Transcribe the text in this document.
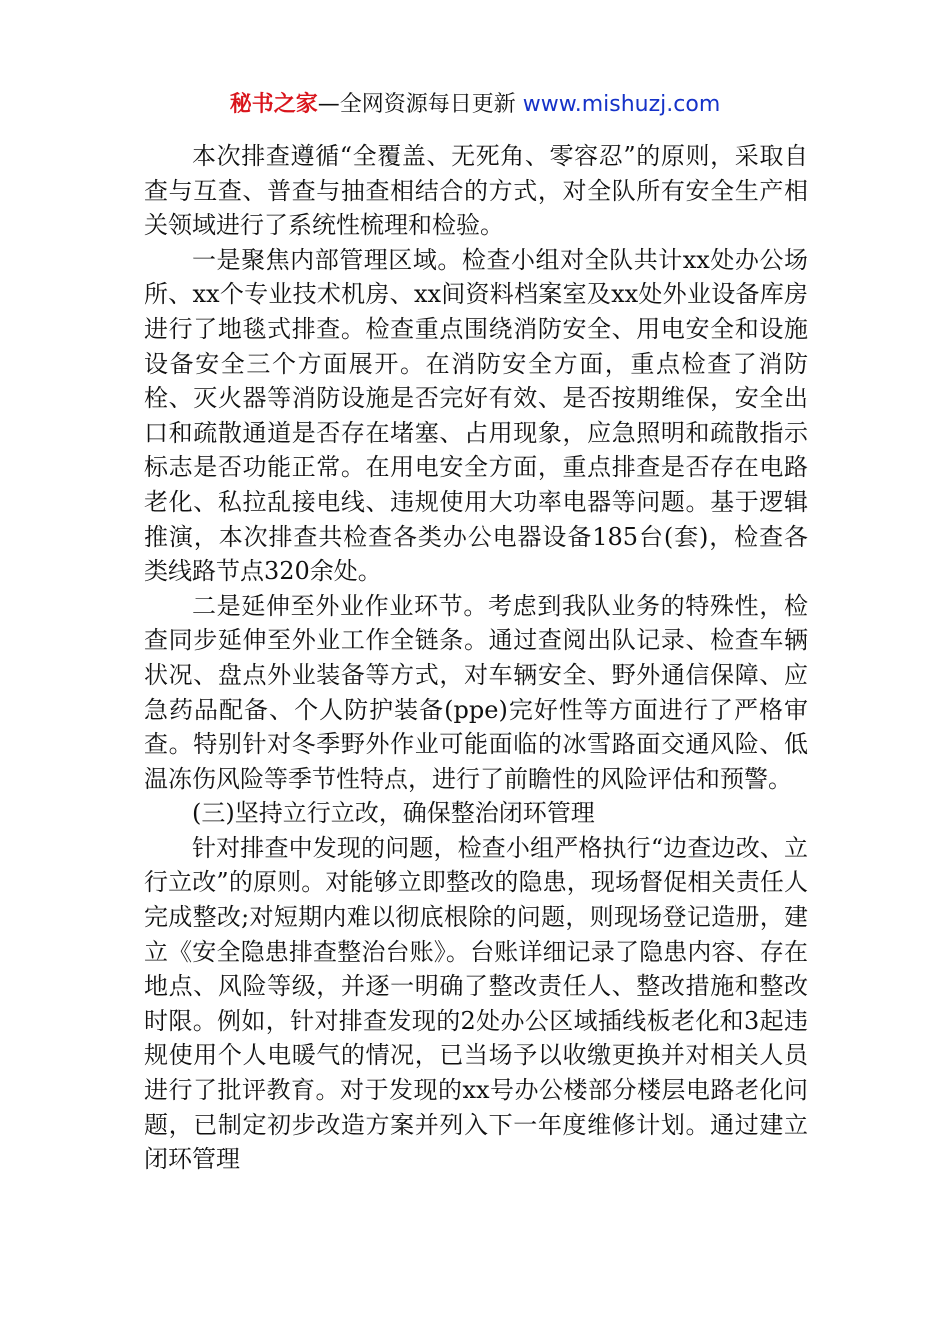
秘书之家—全网资源每日更新 www.mishuzj.com

本次排查遵循“全覆盖、无死角、零容忍”的原则，采取自查与互查、普查与抽查相结合的方式，对全队所有安全生产相关领域进行了系统性梳理和检验。

一是聚焦内部管理区域。检查小组对全队共计xx处办公场所、xx个专业技术机房、xx间资料档案室及xx处外业设备库房进行了地毯式排查。检查重点围绕消防安全、用电安全和设施设备安全三个方面展开。在消防安全方面，重点检查了消防栓、灭火器等消防设施是否完好有效、是否按期维保，安全出口和疏散通道是否存在堵塞、占用现象，应急照明和疏散指示标志是否功能正常。在用电安全方面，重点排查是否存在电路老化、私拉乱接电线、违规使用大功率电器等问题。基于逻辑推演，本次排查共检查各类办公电器设备185台(套)，检查各类线路节点320余处。

二是延伸至外业作业环节。考虑到我队业务的特殊性，检查同步延伸至外业工作全链条。通过查阅出队记录、检查车辆状况、盘点外业装备等方式，对车辆安全、野外通信保障、应急药品配备、个人防护装备(ppe)完好性等方面进行了严格审查。特别针对冬季野外作业可能面临的冰雪路面交通风险、低温冻伤风险等季节性特点，进行了前瞻性的风险评估和预警。

(三)坚持立行立改，确保整治闭环管理

针对排查中发现的问题，检查小组严格执行“边查边改、立行立改”的原则。对能够立即整改的隐患，现场督促相关责任人完成整改;对短期内难以彻底根除的问题，则现场登记造册，建立《安全隐患排查整治台账》。台账详细记录了隐患内容、存在地点、风险等级，并逐一明确了整改责任人、整改措施和整改时限。例如，针对排查发现的2处办公区域插线板老化和3起违规使用个人电暖气的情况，已当场予以收缴更换并对相关人员进行了批评教育。对于发现的xx号办公楼部分楼层电路老化问题，已制定初步改造方案并列入下一年度维修计划。通过建立闭环管理
